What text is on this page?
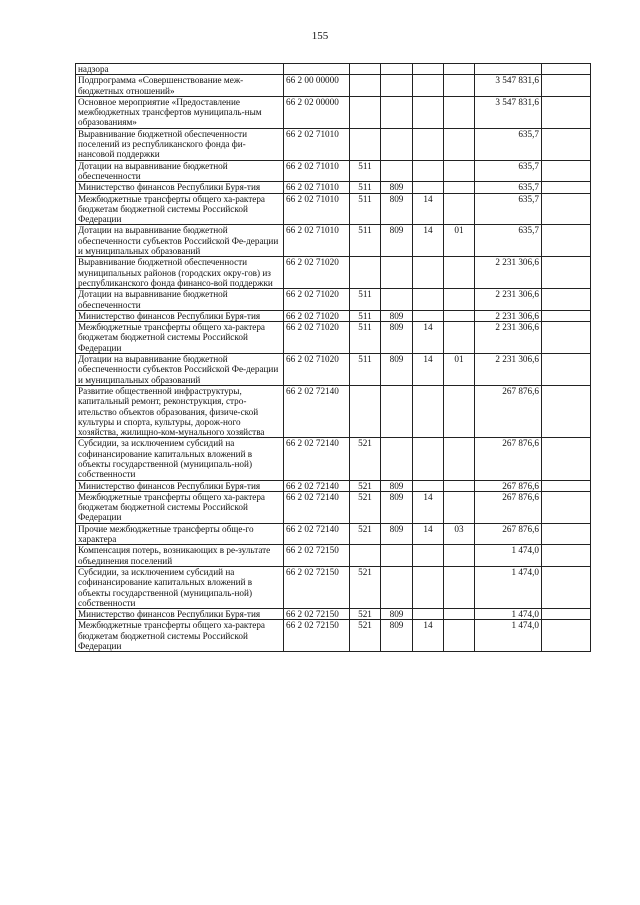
155
надзора							
Подпрограмма «Совершенствование меж-бюджетных отношений»	66 2 00 00000					3 547 831,6	
Основное мероприятие «Предоставление межбюджетных трансфертов муниципаль-ным образованиям»	66 2 02 00000					3 547 831,6	
Выравнивание бюджетной обеспеченности поселений из республиканского фонда фи-нансовой поддержки	66 2 02 71010					635,7	
Дотации на выравнивание бюджетной обеспеченности	66 2 02 71010	511				635,7	
Министерство финансов Республики Буря-тия	66 2 02 71010	511	809			635,7	
Межбюджетные трансферты общего ха-рактера бюджетам бюджетной системы Российской Федерации	66 2 02 71010	511	809	14		635,7	
Дотации на выравнивание бюджетной обеспеченности субъектов Российской Фе-дерации и муниципальных образований	66 2 02 71010	511	809	14	01	635,7	
Выравнивание бюджетной обеспеченности муниципальных районов (городских окру-гов) из республиканского фонда финансо-вой поддержки	66 2 02 71020					2 231 306,6	
Дотации на выравнивание бюджетной обеспеченности	66 2 02 71020	511				2 231 306,6	
Министерство финансов Республики Буря-тия	66 2 02 71020	511	809			2 231 306,6	
Межбюджетные трансферты общего ха-рактера бюджетам бюджетной системы Российской Федерации	66 2 02 71020	511	809	14		2 231 306,6	
Дотации на выравнивание бюджетной обеспеченности субъектов Российской Фе-дерации и муниципальных образований	66 2 02 71020	511	809	14	01	2 231 306,6	
Развитие общественной инфраструктуры, капитальный ремонт, реконструкция, стро-ительство объектов образования, физиче-ской культуры и спорта, культуры, дорож-ного хозяйства, жилищно-ком-мунального хозяйства	66 2 02 72140					267 876,6	
Субсидии, за исключением субсидий на софинансирование капитальных вложений в объекты государственной (муниципаль-ной) собственности	66 2 02 72140	521				267 876,6	
Министерство финансов Республики Буря-тия	66 2 02 72140	521	809			267 876,6	
Межбюджетные трансферты общего ха-рактера бюджетам бюджетной системы Российской Федерации	66 2 02 72140	521	809	14		267 876,6	
Прочие межбюджетные трансферты обще-го характера	66 2 02 72140	521	809	14	03	267 876,6	
Компенсация потерь, возникающих в ре-зультате объединения поселений	66 2 02 72150					1 474,0	
Субсидии, за исключением субсидий на софинансирование капитальных вложений в объекты государственной (муниципаль-ной) собственности	66 2 02 72150	521				1 474,0	
Министерство финансов Республики Буря-тия	66 2 02 72150	521	809			1 474,0	
Межбюджетные трансферты общего ха-рактера бюджетам бюджетной системы Российской Федерации	66 2 02 72150	521	809	14		1 474,0	
